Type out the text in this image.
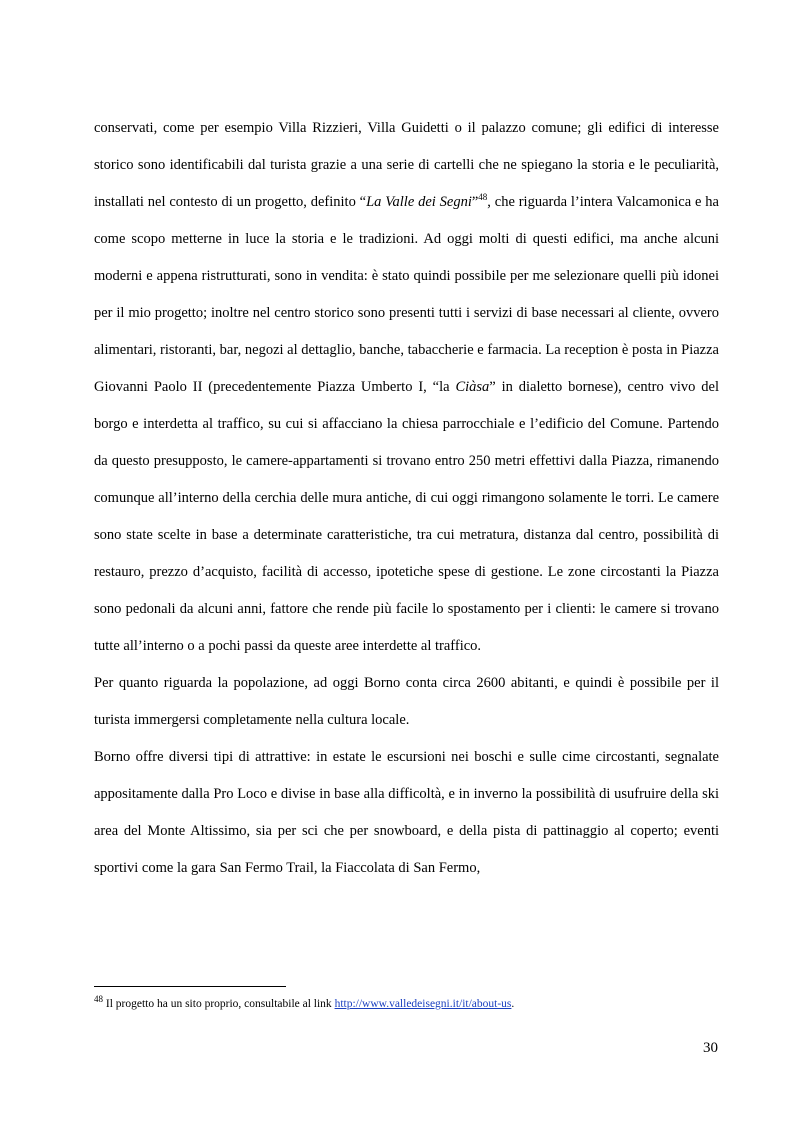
conservati, come per esempio Villa Rizzieri, Villa Guidetti o il palazzo comune; gli edifici di interesse storico sono identificabili dal turista grazie a una serie di cartelli che ne spiegano la storia e le peculiarità, installati nel contesto di un progetto, definito “La Valle dei Segni”$^{48}$, che riguarda l’intera Valcamonica e ha come scopo metterne in luce la storia e le tradizioni. Ad oggi molti di questi edifici, ma anche alcuni moderni e appena ristrutturati, sono in vendita: è stato quindi possibile per me selezionare quelli più idonei per il mio progetto; inoltre nel centro storico sono presenti tutti i servizi di base necessari al cliente, ovvero alimentari, ristoranti, bar, negozi al dettaglio, banche, tabaccherie e farmacia. La reception è posta in Piazza Giovanni Paolo II (precedentemente Piazza Umberto I, “la Ciàsa” in dialetto bornese), centro vivo del borgo e interdetta al traffico, su cui si affacciano la chiesa parrocchiale e l’edificio del Comune. Partendo da questo presupposto, le camere-appartamenti si trovano entro 250 metri effettivi dalla Piazza, rimanendo comunque all’interno della cerchia delle mura antiche, di cui oggi rimangono solamente le torri. Le camere sono state scelte in base a determinate caratteristiche, tra cui metratura, distanza dal centro, possibilità di restauro, prezzo d’acquisto, facilità di accesso, ipotetiche spese di gestione. Le zone circostanti la Piazza sono pedonali da alcuni anni, fattore che rende più facile lo spostamento per i clienti: le camere si trovano tutte all’interno o a pochi passi da queste aree interdette al traffico.

Per quanto riguarda la popolazione, ad oggi Borno conta circa 2600 abitanti, e quindi è possibile per il turista immergersi completamente nella cultura locale.

Borno offre diversi tipi di attrattive: in estate le escursioni nei boschi e sulle cime circostanti, segnalate appositamente dalla Pro Loco e divise in base alla difficoltà, e in inverno la possibilità di usufruire della ski area del Monte Altissimo, sia per sci che per snowboard, e della pista di pattinaggio al coperto; eventi sportivi come la gara San Fermo Trail, la Fiaccolata di San Fermo,

$^{48}$ Il progetto ha un sito proprio, consultabile al link http://www.valledeisegni.it/it/about-us.
30
